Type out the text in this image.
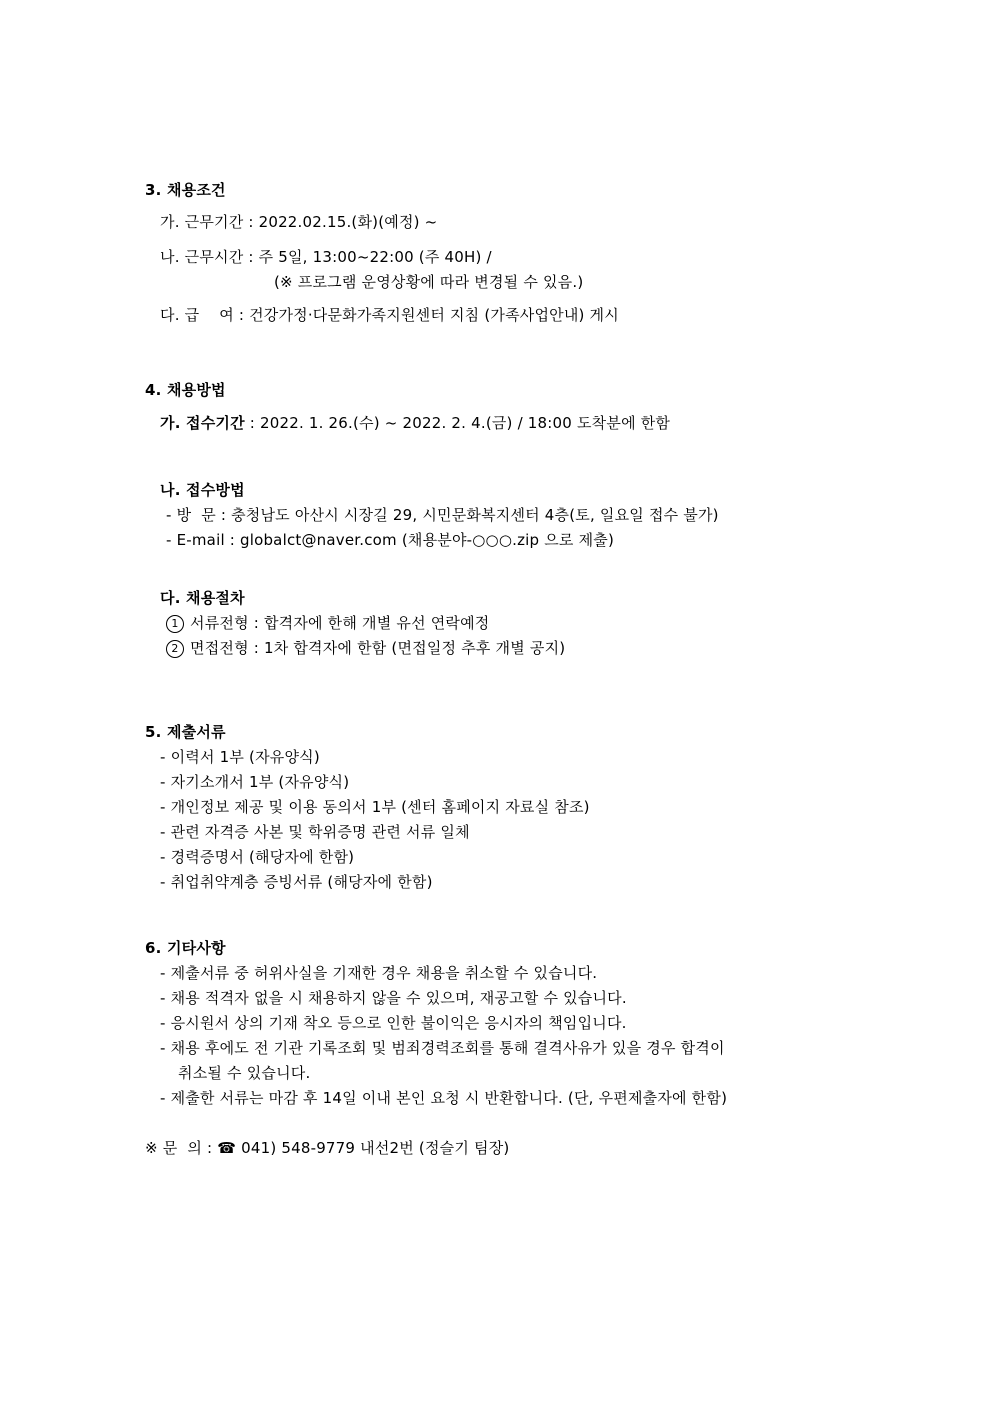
3. 채용조건
가. 근무기간 : 2022.02.15.(화)(예정) ~
나. 근무시간 : 주 5일, 13:00~22:00 (주 40H) /
(※ 프로그램 운영상황에 따라 변경될 수 있음.)
다. 급    여 : 건강가정·다문화가족지원센터 지침 (가족사업안내) 게시
4. 채용방법
가. 접수기간 : 2022. 1. 26.(수) ~ 2022. 2. 4.(금) / 18:00 도착분에 한함
나. 접수방법
- 방  문 : 충청남도 아산시 시장길 29, 시민문화복지센터 4층(토, 일요일 접수 불가)
- E-mail : globalct@naver.com (채용분야-○○○.zip 으로 제출)
다. 채용절차
1 서류전형 : 합격자에 한해 개별 유선 연락예정
2 면접전형 : 1차 합격자에 한함 (면접일정 추후 개별 공지)
5. 제출서류
- 이력서 1부 (자유양식)
- 자기소개서 1부 (자유양식)
- 개인정보 제공 및 이용 동의서 1부 (센터 홈페이지 자료실 참조)
- 관련 자격증 사본 및 학위증명 관련 서류 일체
- 경력증명서 (해당자에 한함)
- 취업취약계층 증빙서류 (해당자에 한함)
6. 기타사항
- 제출서류 중 허위사실을 기재한 경우 채용을 취소할 수 있습니다.
- 채용 적격자 없을 시 채용하지 않을 수 있으며, 재공고할 수 있습니다.
- 응시원서 상의 기재 착오 등으로 인한 불이익은 응시자의 책임입니다.
- 채용 후에도 전 기관 기록조회 및 범죄경력조회를 통해 결격사유가 있을 경우 합격이
취소될 수 있습니다.
- 제출한 서류는 마감 후 14일 이내 본인 요청 시 반환합니다. (단, 우편제출자에 한함)
※ 문  의 : ☎ 041) 548-9779 내선2번 (정슬기 팀장)
